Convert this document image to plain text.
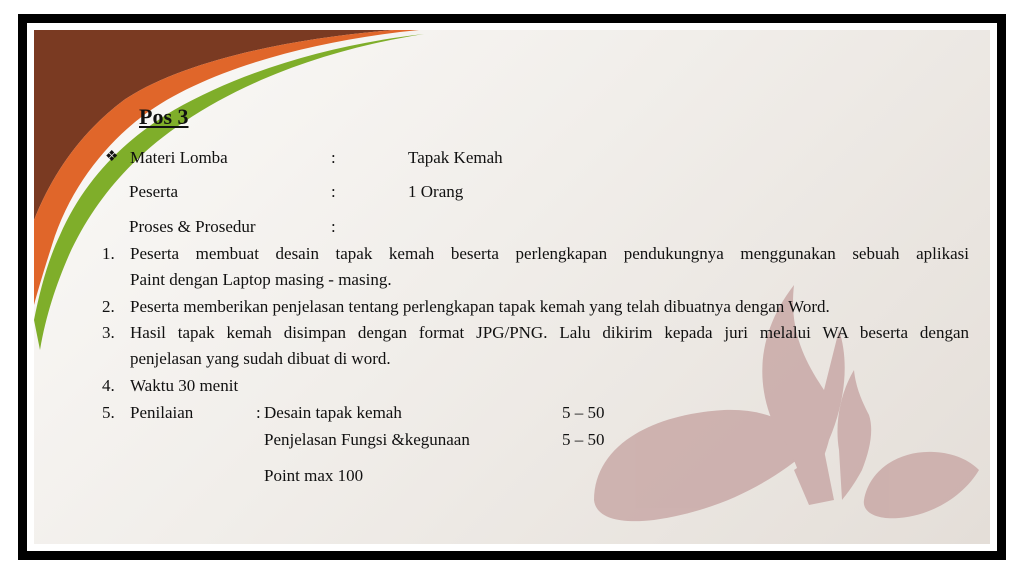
Pos 3
❖ Materi Lomba	:	Tapak Kemah
Peserta	:	1 Orang
Proses & Prosedur	:
1. Peserta membuat desain tapak kemah beserta perlengkapan pendukungnya menggunakan sebuah aplikasi
Paint dengan Laptop masing - masing.
2. Peserta memberikan penjelasan tentang perlengkapan tapak kemah yang telah dibuatnya dengan Word.
3. Hasil tapak kemah disimpan dengan format JPG/PNG. Lalu dikirim kepada juri melalui WA beserta dengan
penjelasan yang sudah dibuat di word.
4. Waktu 30 menit
5. Penilaian	: Desain tapak kemah	5 – 50
Penjelasan Fungsi &kegunaan	5 – 50
Point max 100
